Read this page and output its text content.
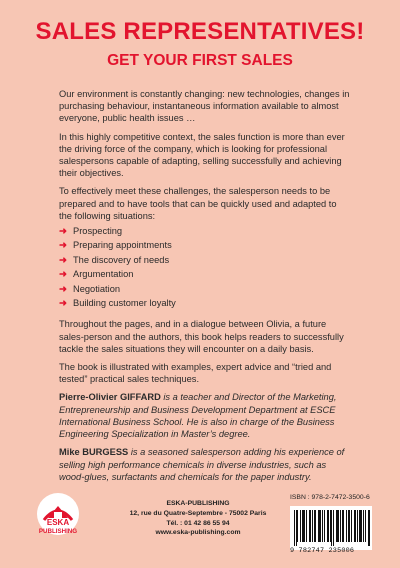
SALES REPRESENTATIVES!
GET YOUR FIRST SALES

Our environment is constantly changing: new technologies, changes in purchasing behaviour, instantaneous information available to almost everyone, public health issues …

In this highly competitive context, the sales function is more than ever the driving force of the company, which is looking for professional salespersons capable of adapting, selling successfully and achieving their objectives.

To effectively meet these challenges, the salesperson needs to be prepared and to have tools that can be quickly used and adapted to the following situations:

➜ Prospecting
➜ Preparing appointments
➜ The discovery of needs
➜ Argumentation
➜ Negotiation
➜ Building customer loyalty

Throughout the pages, and in a dialogue between Olivia, a future sales-person and the authors, this book helps readers to successfully tackle the sales situations they will encounter on a daily basis.

The book is illustrated with examples, expert advice and “tried and tested” practical sales techniques.

Pierre-Olivier GIFFARD is a teacher and Director of the Marketing, Entrepreneurship and Business Development Department at ESCE International Business School. He is also in charge of the Business Engineering Specialization in Master’s degree.

Mike BURGESS is a seasoned salesperson adding his experience of selling high performance chemicals in diverse industries, such as wood-glues, surfactants and chemicals for the paper industry.

ESKA
PUBLISHING
ESKA-PUBLISHING
12, rue du Quatre-Septembre - 75002 Paris
Tél. : 01 42 86 55 94
www.eska-publishing.com
ISBN : 978-2-7472-3500-6
9 782747 235006
